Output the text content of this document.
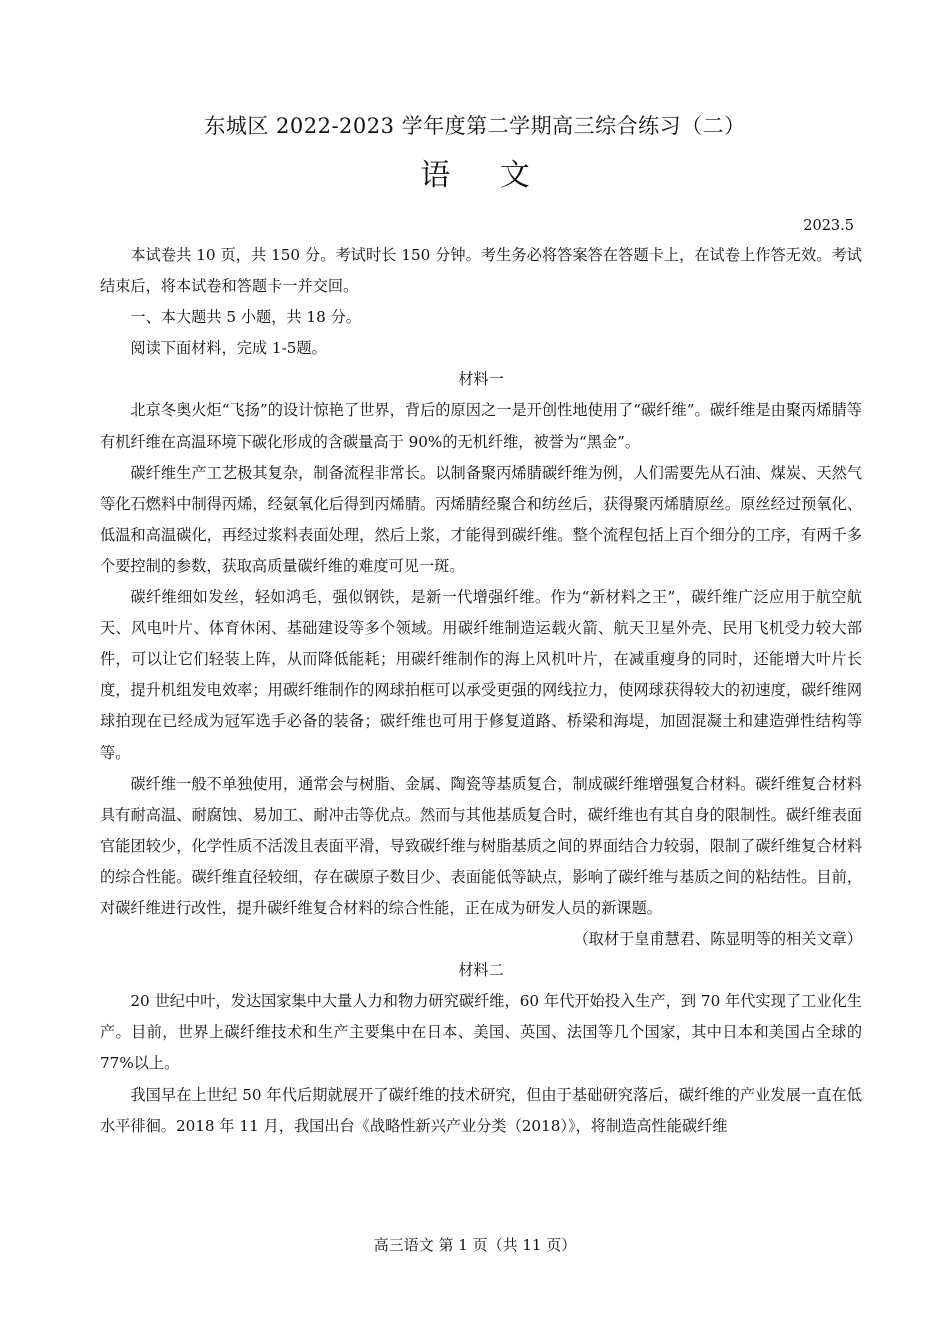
东城区 2022-2023 学年度第二学期高三综合练习（二）
语 文
2023.5

本试卷共 10 页，共 150 分。考试时长 150 分钟。考生务必将答案答在答题卡上，在试卷上作答无效。考试结束后，将本试卷和答题卡一并交回。

一、本大题共 5 小题，共 18 分。

阅读下面材料，完成 1-5题。

材料一

北京冬奥火炬“飞扬”的设计惊艳了世界，背后的原因之一是开创性地使用了“碳纤维”。碳纤维是由聚丙烯腈等有机纤维在高温环境下碳化形成的含碳量高于 90%的无机纤维，被誉为“黑金”。

碳纤维生产工艺极其复杂，制备流程非常长。以制备聚丙烯腈碳纤维为例，人们需要先从石油、煤炭、天然气等化石燃料中制得丙烯，经氨氧化后得到丙烯腈。丙烯腈经聚合和纺丝后，获得聚丙烯腈原丝。原丝经过预氧化、低温和高温碳化，再经过浆料表面处理，然后上浆，才能得到碳纤维。整个流程包括上百个细分的工序，有两千多个要控制的参数，获取高质量碳纤维的难度可见一斑。

碳纤维细如发丝，轻如鸿毛，强似钢铁，是新一代增强纤维。作为“新材料之王”，碳纤维广泛应用于航空航天、风电叶片、体育休闲、基础建设等多个领域。用碳纤维制造运载火箭、航天卫星外壳、民用飞机受力较大部件，可以让它们轻装上阵，从而降低能耗；用碳纤维制作的海上风机叶片，在减重瘦身的同时，还能增大叶片长度，提升机组发电效率；用碳纤维制作的网球拍框可以承受更强的网线拉力，使网球获得较大的初速度，碳纤维网球拍现在已经成为冠军选手必备的装备；碳纤维也可用于修复道路、桥梁和海堤，加固混凝土和建造弹性结构等等。

碳纤维一般不单独使用，通常会与树脂、金属、陶瓷等基质复合，制成碳纤维增强复合材料。碳纤维复合材料具有耐高温、耐腐蚀、易加工、耐冲击等优点。然而与其他基质复合时，碳纤维也有其自身的限制性。碳纤维表面官能团较少，化学性质不活泼且表面平滑，导致碳纤维与树脂基质之间的界面结合力较弱，限制了碳纤维复合材料的综合性能。碳纤维直径较细，存在碳原子数目少、表面能低等缺点，影响了碳纤维与基质之间的粘结性。目前，对碳纤维进行改性，提升碳纤维复合材料的综合性能，正在成为研发人员的新课题。

（取材于皇甫慧君、陈显明等的相关文章）

材料二

20 世纪中叶，发达国家集中大量人力和物力研究碳纤维，60 年代开始投入生产，到 70 年代实现了工业化生产。目前，世界上碳纤维技术和生产主要集中在日本、美国、英国、法国等几个国家，其中日本和美国占全球的 77%以上。

我国早在上世纪 50 年代后期就展开了碳纤维的技术研究，但由于基础研究落后，碳纤维的产业发展一直在低水平徘徊。2018 年 11 月，我国出台《战略性新兴产业分类（2018）》，将制造高性能碳纤维

高三语文 第 1 页（共 11 页）
